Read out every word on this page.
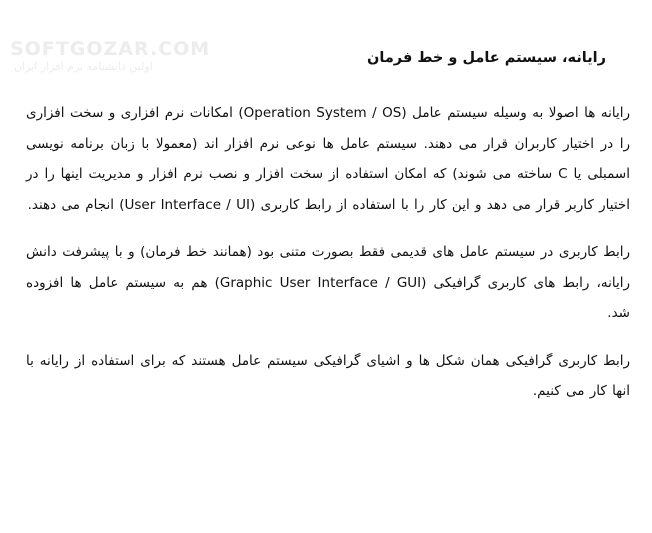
SOFTGOZAR.COM
اولین دانشنامه نرم افزار ایران
رایانه، سیستم عامل و خط فرمان

رایانه ها اصولا به وسیله سیستم عامل (Operation System / OS) امکانات نرم افزاری و سخت افزاری را در اختیار کاربران قرار می دهند. سیستم عامل ها نوعی نرم افزار اند (معمولا با زبان برنامه نویسی اسمبلی یا C ساخته می شوند) که امکان استفاده از سخت افزار و نصب نرم افزار و مدیریت اینها را در اختیار کاربر قرار می دهد و این کار را با استفاده از رابط کاربری (User Interface / UI) انجام می دهند.

رابط کاربری در سیستم عامل های قدیمی فقط بصورت متنی بود (همانند خط فرمان) و با پیشرفت دانش رایانه، رابط های کاربری گرافیکی (Graphic User Interface / GUI) هم به سیستم عامل ها افزوده شد.

رابط کاربری گرافیکی همان شکل ها و اشیای گرافیکی سیستم عامل هستند که برای استفاده از رایانه با انها کار می کنیم.
